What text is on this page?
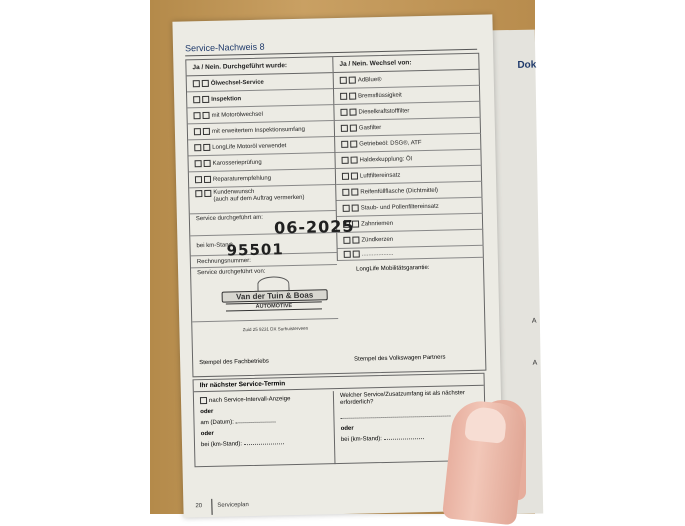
Dok
A
A
Service-Nachweis 8
Ja / Nein. Durchgeführt wurde:
Ölwechsel-Service
Inspektion
mit Motorölwechsel
mit erweitertem Inspektionsumfang
LongLife Motoröl verwendet
Karosserieprüfung
Reparaturempfehlung
Kundenwunsch
(auch auf dem Auftrag vermerken)
Service durchgeführt am:
bei km-Stand:
Rechnungsnummer:
Service durchgeführt von:
Stempel des Fachbetriebs
Ja / Nein. Wechsel von:
AdBlue®
Bremsflüssigkeit
Dieselkraftstofffilter
Gasfilter
Getriebeöl: DSG®, ATF
Haldexkupplung: Öl
Luftfiltereinsatz
Reifenfüllflasche (Dichtmittel)
Staub- und Pollenfiltereinsatz
Zahnriemen
Zündkerzen
...................
LongLife Mobilitätsgarantie:
Stempel des Volkswagen Partners
06-2025
95501
Van der Tuin & Boas
AUTOMOTIVE
Zuid 25 9231 DX Surhuisterveen
Ihr nächster Service-Termin
nach Service-Intervall-Anzeige
oder
am (Datum):
oder
bei (km-Stand):
Welcher Service/Zusatzumfang ist als nächster erforderlich?
oder
bei (km-Stand):
20	Serviceplan
